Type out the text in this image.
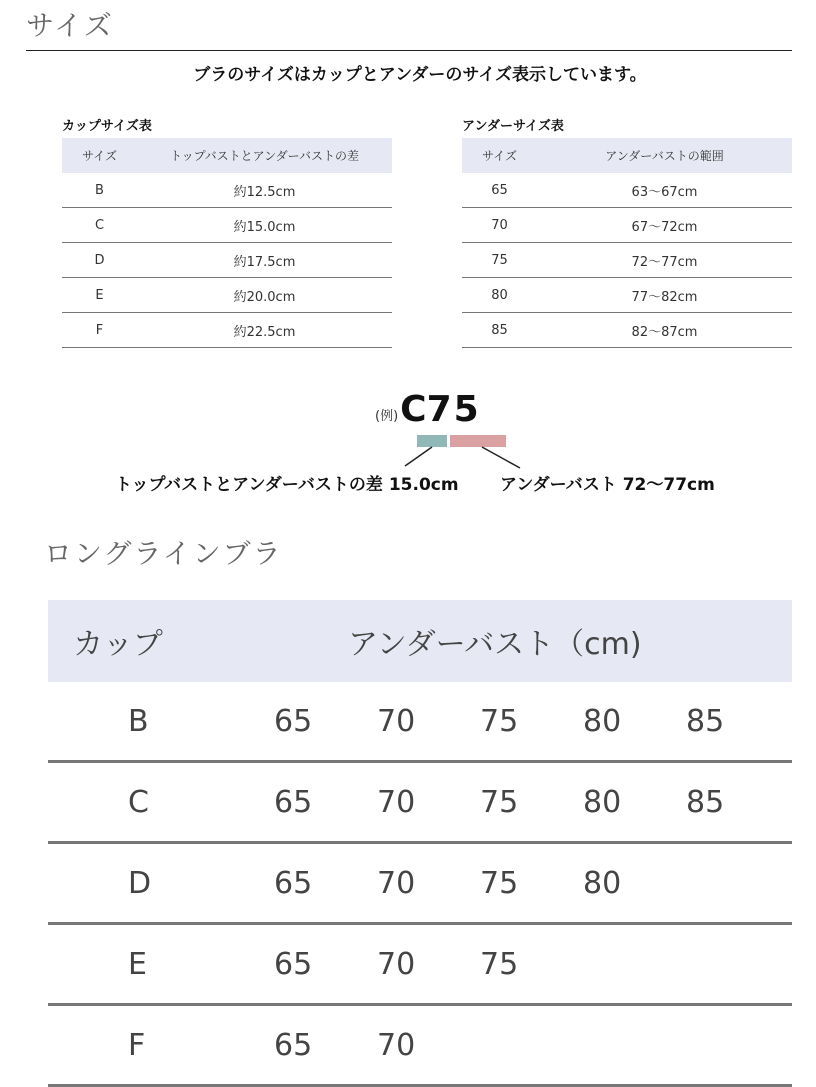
サイズ
ブラのサイズはカップとアンダーのサイズ表示しています。
カップサイズ表
サイズ	トップバストとアンダーバストの差
B	約12.5cm
C	約15.0cm
D	約17.5cm
E	約20.0cm
F	約22.5cm
アンダーサイズ表
サイズ	アンダーバストの範囲
65	63〜67cm
70	67〜72cm
75	72〜77cm
80	77〜82cm
85	82〜87cm
(例) C 75
トップバストとアンダーバストの差 15.0cm アンダーバスト 72〜77cm
ロングラインブラ
カップ	アンダーバスト（cm)
B	65	70	75	80	85
C	65	70	75	80	85
D	65	70	75	80
E	65	70	75
F	65	70
